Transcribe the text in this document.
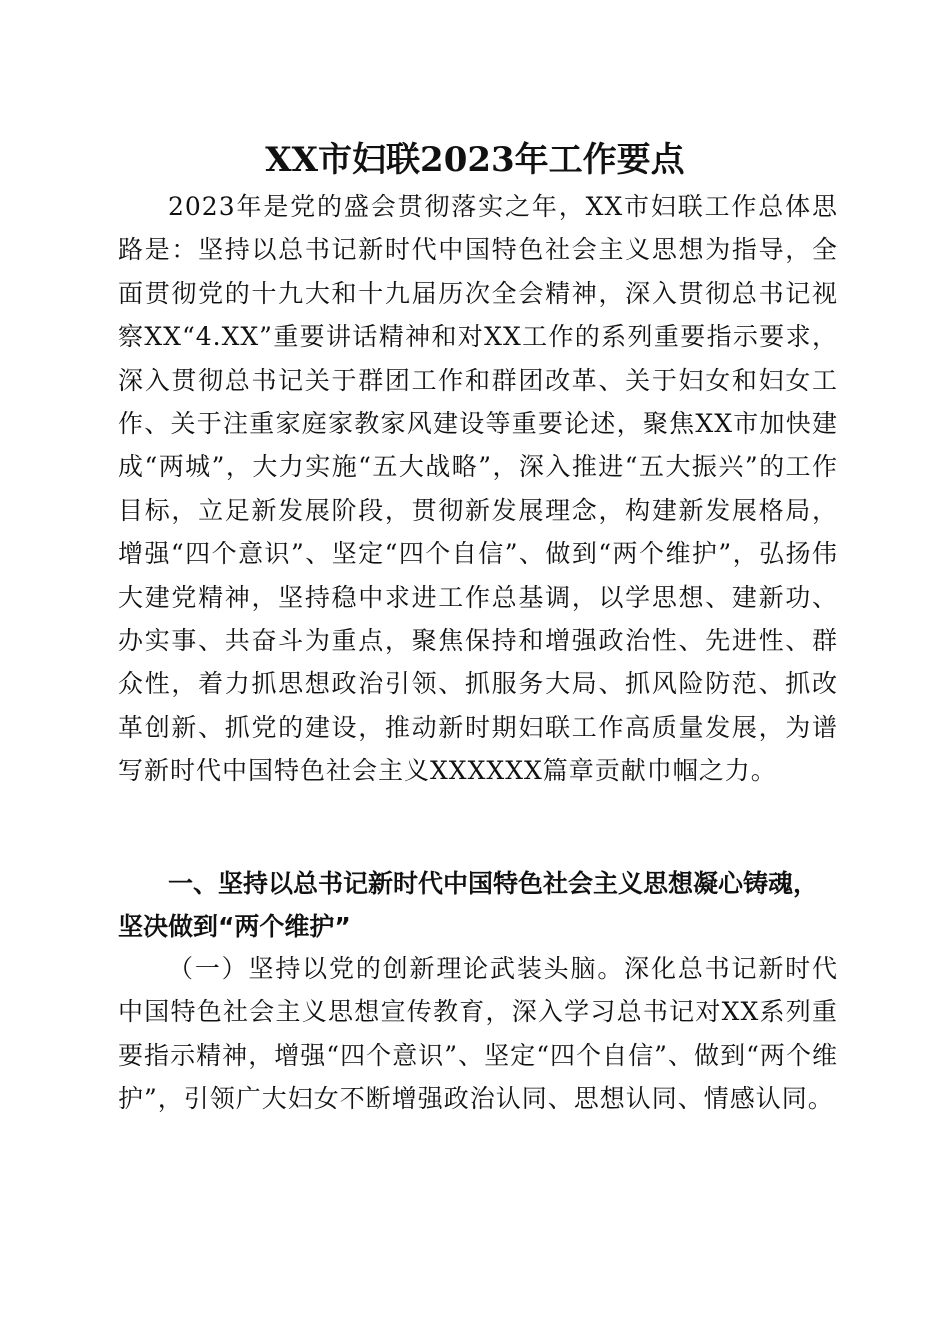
XX市妇联2023年工作要点

2023年是党的盛会贯彻落实之年，XX市妇联工作总体思路是：坚持以总书记新时代中国特色社会主义思想为指导，全面贯彻党的十九大和十九届历次全会精神，深入贯彻总书记视察XX“4.XX”重要讲话精神和对XX工作的系列重要指示要求，深入贯彻总书记关于群团工作和群团改革、关于妇女和妇女工作、关于注重家庭家教家风建设等重要论述，聚焦XX市加快建成“两城”，大力实施“五大战略”，深入推进“五大振兴”的工作目标，立足新发展阶段，贯彻新发展理念，构建新发展格局，增强“四个意识”、坚定“四个自信”、做到“两个维护”，弘扬伟大建党精神，坚持稳中求进工作总基调，以学思想、建新功、办实事、共奋斗为重点，聚焦保持和增强政治性、先进性、群众性，着力抓思想政治引领、抓服务大局、抓风险防范、抓改革创新、抓党的建设，推动新时期妇联工作高质量发展，为谱写新时代中国特色社会主义XXXXXX篇章贡献巾帼之力。

一、坚持以总书记新时代中国特色社会主义思想凝心铸魂，坚决做到“两个维护”

（一）坚持以党的创新理论武装头脑。深化总书记新时代中国特色社会主义思想宣传教育，深入学习总书记对XX系列重要指示精神，增强“四个意识”、坚定“四个自信”、做到“两个维护”，引领广大妇女不断增强政治认同、思想认同、情感认同。
